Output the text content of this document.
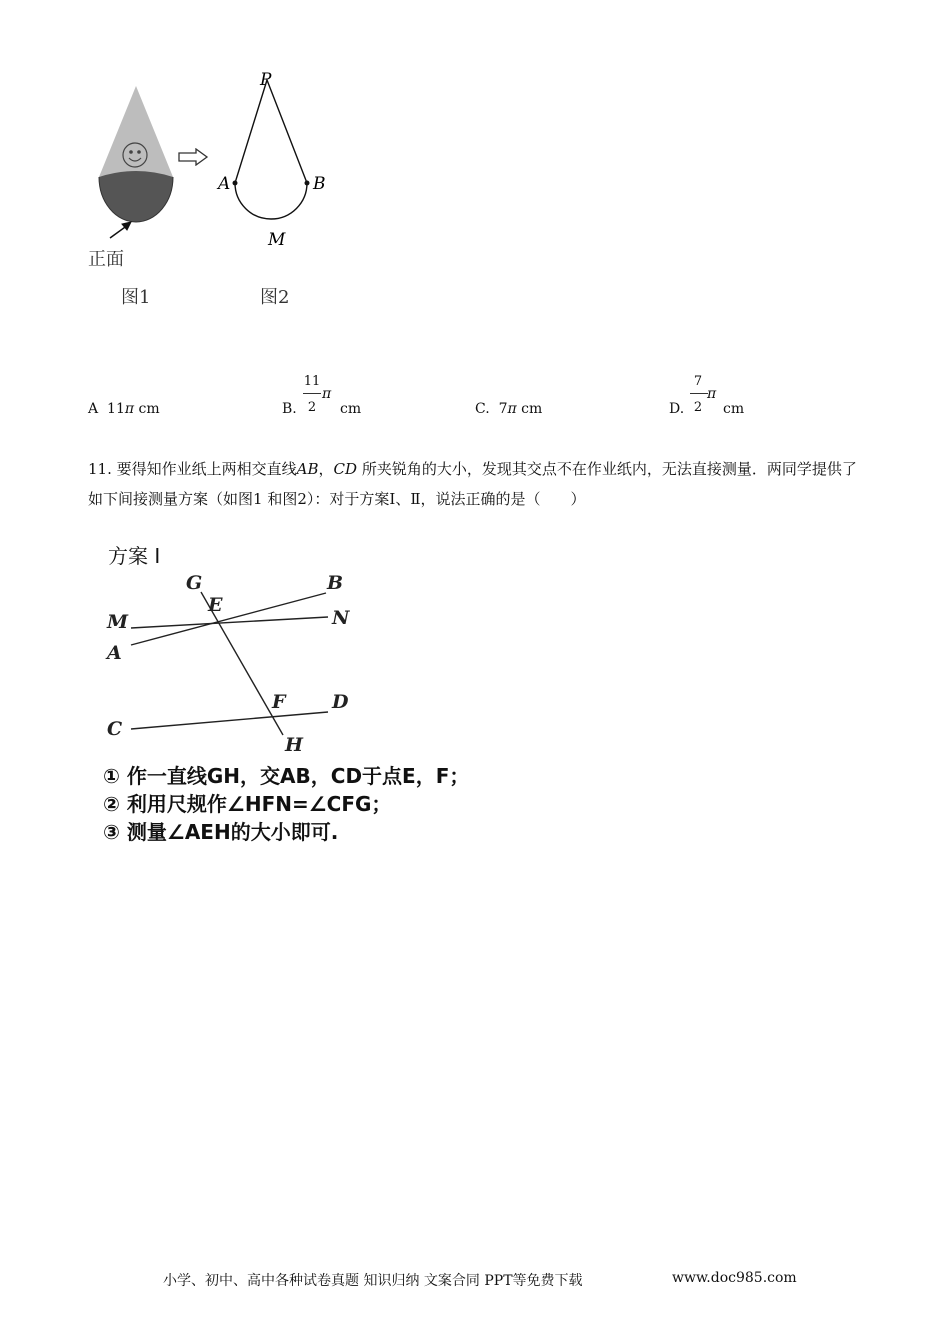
正面
图1
P
A	B
M
图2
A 11π cm	B.
11
2
π
cm	C. 7π cm	D.
7
2
π
cm
11. 要得知作业纸上两相交直线AB，CD 所夹锐角的大小，发现其交点不在作业纸内，无法直接测量．两同学提供了如下间接测量方案（如图1 和图2）：对于方案Ⅰ、Ⅱ，说法正确的是（　　）
方案 I
G
E
B
M	N
A
F D
C
H
① 作一直线GH，交AB，CD于点E，F；
② 利用尺规作∠HFN=∠CFG；
③ 测量∠AEH的大小即可.
小学、初中、高中各种试卷真题 知识归纳 文案合同 PPT等免费下载	www.doc985.com
